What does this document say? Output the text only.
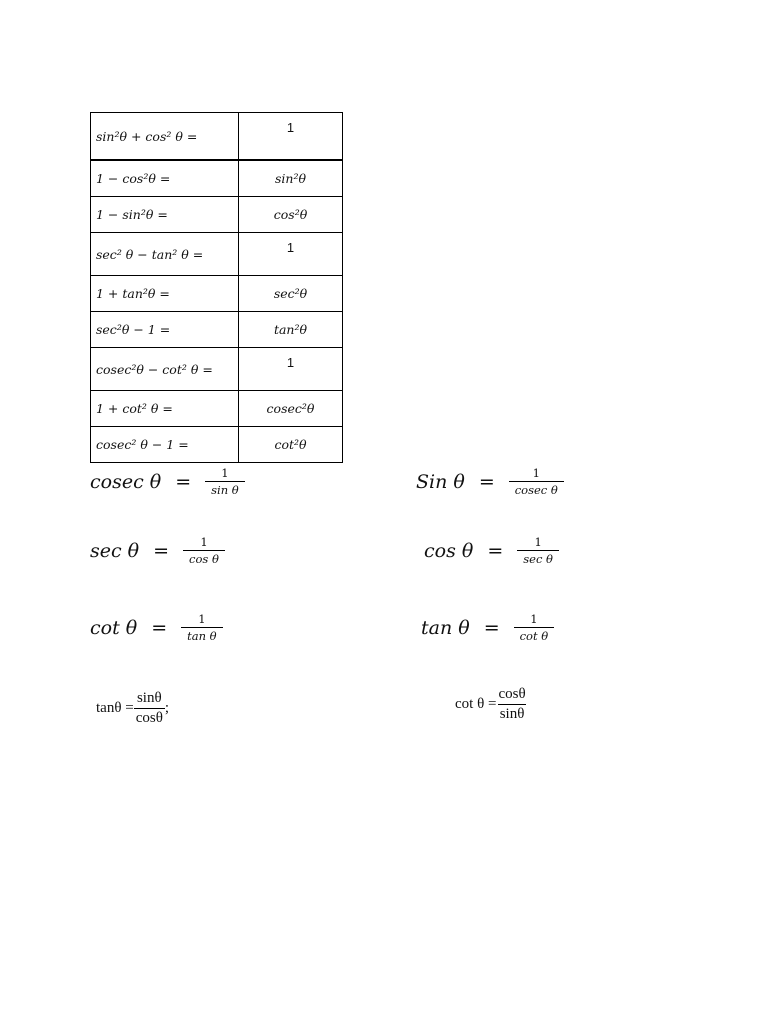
sin²θ + cos² θ =	1
1 − cos²θ =	sin²θ
1 − sin²θ =	cos²θ
sec² θ − tan² θ =	1
1 + tan²θ =	sec²θ
sec²θ − 1 =	tan²θ
cosec²θ − cot² θ =	1
1 + cot² θ =	cosec²θ
cosec² θ − 1 =	cot²θ
cosec $\theta = \frac{1}{\text{sin θ}}$	Sin $\theta = \frac{1}{\text{cosec θ}}$
$\sec \theta = \frac{1}{\text{cos θ}}$	$\cos \theta = \frac{1}{\text{sec θ}}$
$\cot \theta = \frac{1}{\text{tan θ}}$	$\tan \theta = \frac{1}{\text{cot θ}}$
$\tan\theta = \frac{\sin\theta}{\cos\theta}$ ;	$\cot \theta = \frac{\cos\theta}{\sin\theta}$
